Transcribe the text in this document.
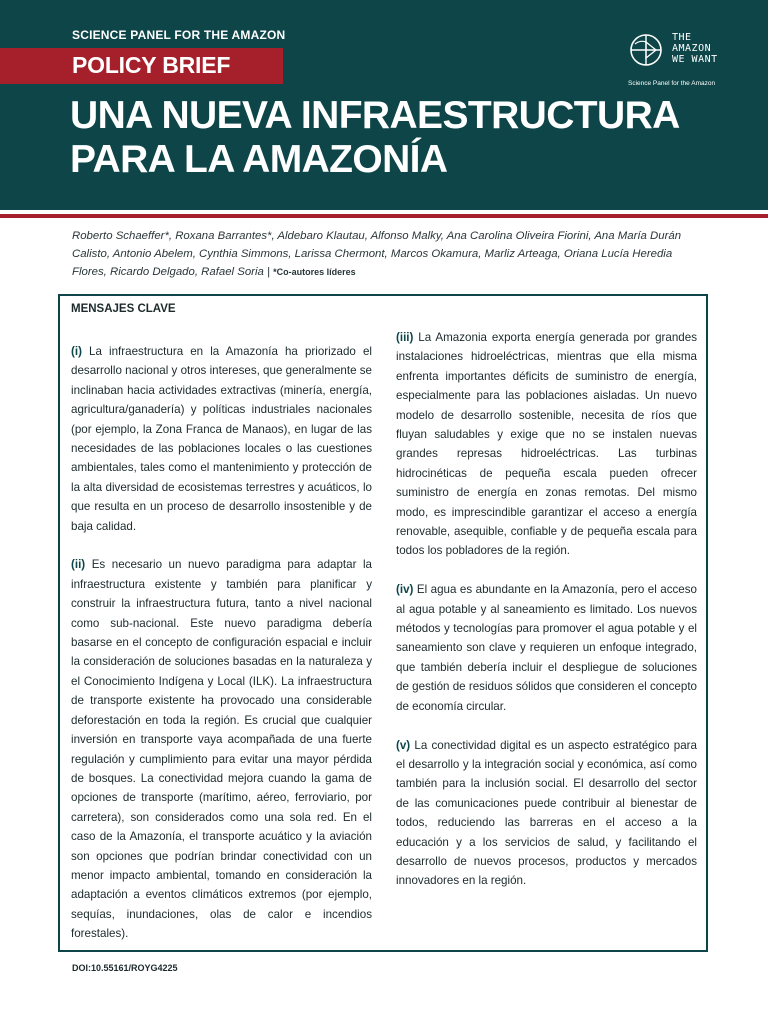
SCIENCE PANEL FOR THE AMAZON
POLICY BRIEF
UNA NUEVA INFRAESTRUCTURA PARA LA AMAZONÍA
THE
AMAZON
WE WANT
Science Panel for the Amazon
Roberto Schaeffer*, Roxana Barrantes*, Aldebaro Klautau, Alfonso Malky, Ana Carolina Oliveira Fiorini, Ana María Durán Calisto, Antonio Abelem, Cynthia Simmons, Larissa Chermont, Marcos Okamura, Marliz Arteaga, Oriana Lucía Heredia Flores, Ricardo Delgado, Rafael Soria | *Co-autores líderes
MENSAJES CLAVE

(i) La infraestructura en la Amazonía ha priorizado el desarrollo nacional y otros intereses, que generalmente se inclinaban hacia actividades extractivas (minería, energía, agricultura/ganadería) y políticas industriales nacionales (por ejemplo, la Zona Franca de Manaos), en lugar de las necesidades de las poblaciones locales o las cuestiones ambientales, tales como el mantenimiento y protección de la alta diversidad de ecosistemas terrestres y acuáticos, lo que resulta en un proceso de desarrollo insostenible y de baja calidad.

(ii) Es necesario un nuevo paradigma para adaptar la infraestructura existente y también para planificar y construir la infraestructura futura, tanto a nivel nacional como sub-nacional. Este nuevo paradigma debería basarse en el concepto de configuración espacial e incluir la consideración de soluciones basadas en la naturaleza y el Conocimiento Indígena y Local (ILK). La infraestructura de transporte existente ha provocado una considerable deforestación en toda la región. Es crucial que cualquier inversión en transporte vaya acompañada de una fuerte regulación y cumplimiento para evitar una mayor pérdida de bosques. La conectividad mejora cuando la gama de opciones de transporte (marítimo, aéreo, ferroviario, por carretera), son considerados como una sola red. En el caso de la Amazonía, el transporte acuático y la aviación son opciones que podrían brindar conectividad con un menor impacto ambiental, tomando en consideración la adaptación a eventos climáticos extremos (por ejemplo, sequías, inundaciones, olas de calor e incendios forestales).

(iii) La Amazonia exporta energía generada por grandes instalaciones hidroeléctricas, mientras que ella misma enfrenta importantes déficits de suministro de energía, especialmente para las poblaciones aisladas. Un nuevo modelo de desarrollo sostenible, necesita de ríos que fluyan saludables y exige que no se instalen nuevas grandes represas hidroeléctricas. Las turbinas hidrocinéticas de pequeña escala pueden ofrecer suministro de energía en zonas remotas. Del mismo modo, es imprescindible garantizar el acceso a energía renovable, asequible, confiable y de pequeña escala para todos los pobladores de la región.

(iv) El agua es abundante en la Amazonía, pero el acceso al agua potable y al saneamiento es limitado. Los nuevos métodos y tecnologías para promover el agua potable y el saneamiento son clave y requieren un enfoque integrado, que también debería incluir el despliegue de soluciones de gestión de residuos sólidos que consideren el concepto de economía circular.

(v) La conectividad digital es un aspecto estratégico para el desarrollo y la integración social y económica, así como también para la inclusión social. El desarrollo del sector de las comunicaciones puede contribuir al bienestar de todos, reduciendo las barreras en el acceso a la educación y a los servicios de salud, y facilitando el desarrollo de nuevos procesos, productos y mercados innovadores en la región.

DOI:10.55161/ROYG4225
